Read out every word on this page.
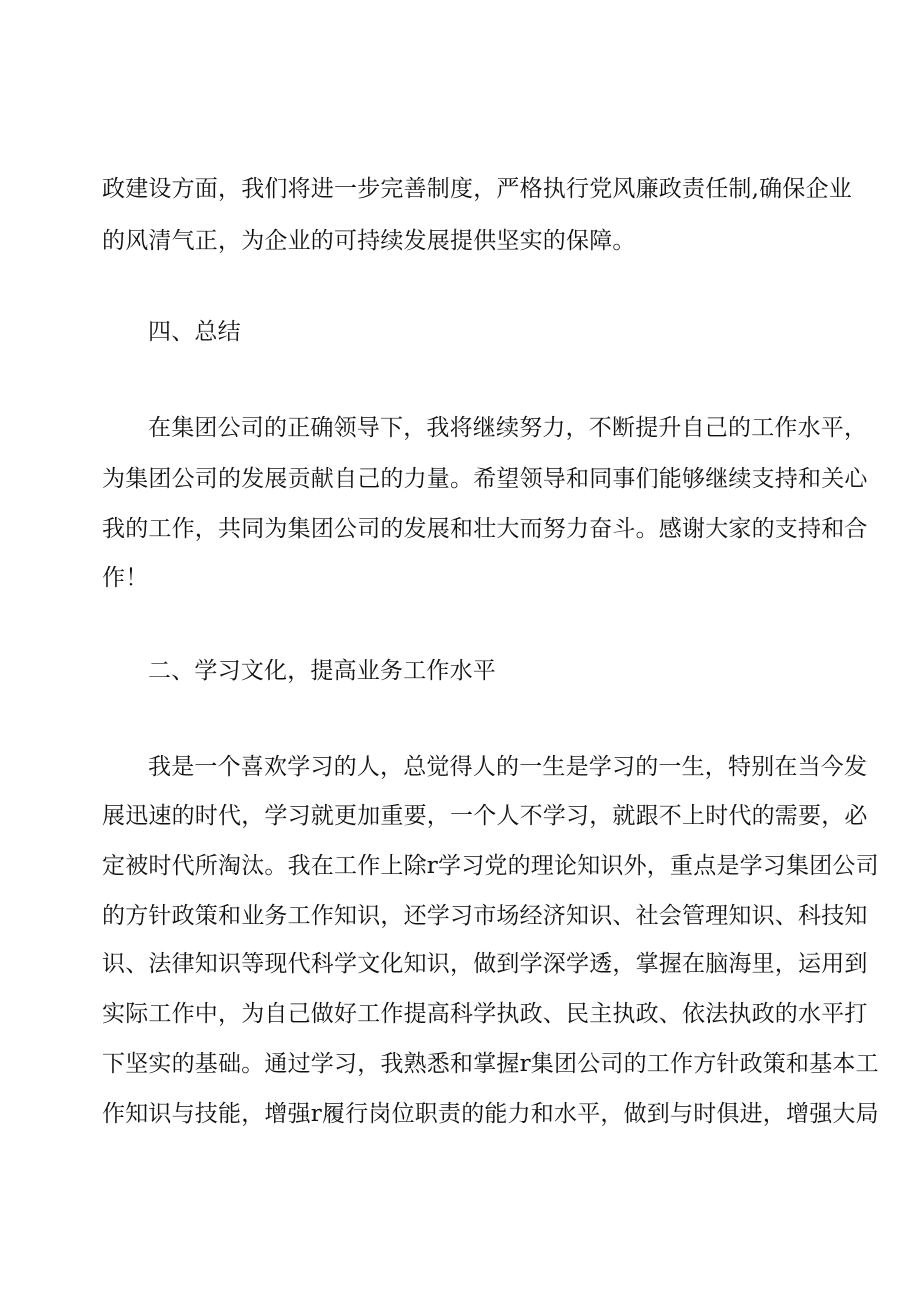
政建设方面，我们将进一步完善制度，严格执行党风廉政责任制,确保企业
的风清气正，为企业的可持续发展提供坚实的保障。
四、总结
在集团公司的正确领导下，我将继续努力，不断提升自己的工作水平，
为集团公司的发展贡献自己的力量。希望领导和同事们能够继续支持和关心
我的工作，共同为集团公司的发展和壮大而努力奋斗。感谢大家的支持和合
作！
二、学习文化，提高业务工作水平
我是一个喜欢学习的人，总觉得人的一生是学习的一生，特别在当今发
展迅速的时代，学习就更加重要，一个人不学习，就跟不上时代的需要，必
定被时代所淘汰。我在工作上除r学习党的理论知识外，重点是学习集团公司
的方针政策和业务工作知识，还学习市场经济知识、社会管理知识、科技知
识、法律知识等现代科学文化知识，做到学深学透，掌握在脑海里，运用到
实际工作中，为自己做好工作提高科学执政、民主执政、依法执政的水平打
下坚实的基础。通过学习，我熟悉和掌握r集团公司的工作方针政策和基本工
作知识与技能，增强r履行岗位职责的能力和水平，做到与时俱进，增强大局
